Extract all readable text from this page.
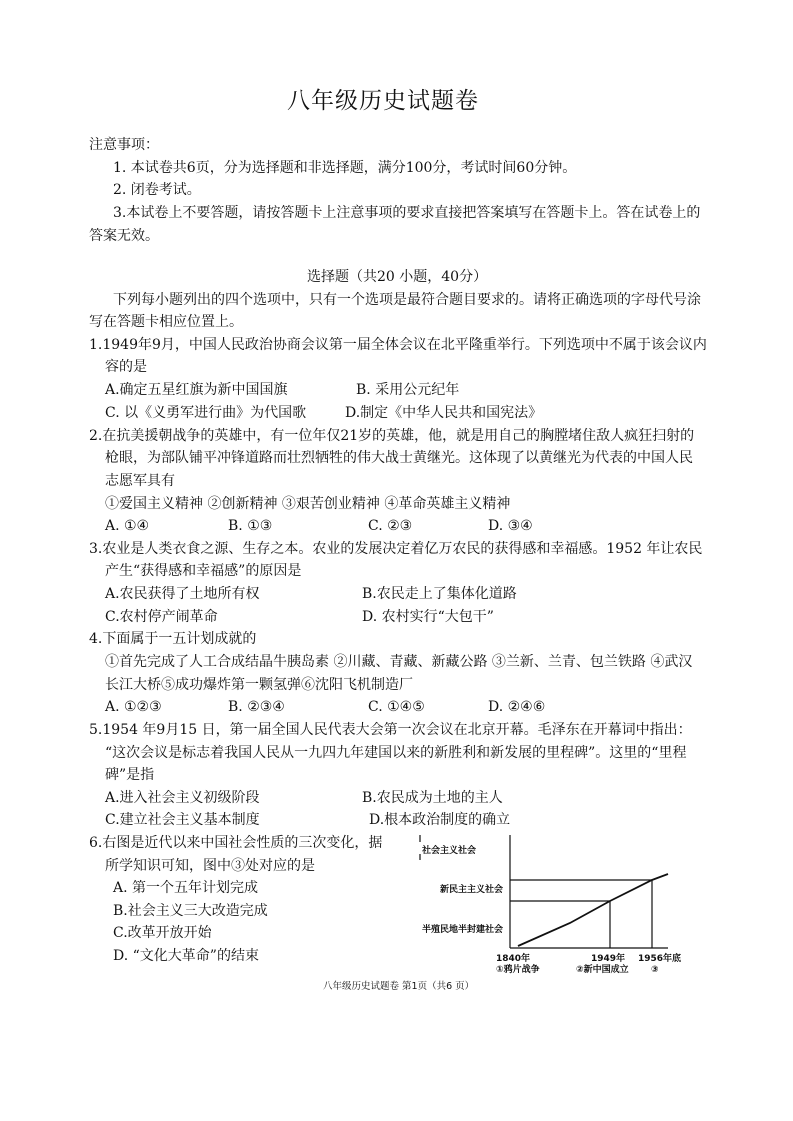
八年级历史试题卷
注意事项：
1. 本试卷共6页，分为选择题和非选择题，满分100分，考试时间60分钟。
2. 闭卷考试。
3.本试卷上不要答题，请按答题卡上注意事项的要求直接把答案填写在答题卡上。答在试卷上的
答案无效。
选择题（共20 小题，40分）
下列每小题列出的四个选项中，只有一个选项是最符合题目要求的。请将正确选项的字母代号涂
写在答题卡相应位置上。
1.1949年9月，中国人民政治协商会议第一届全体会议在北平隆重举行。下列选项中不属于该会议内
容的是
A.确定五星红旗为新中国国旗	B. 采用公元纪年
C. 以《义勇军进行曲》为代国歌	D.制定《中华人民共和国宪法》
2.在抗美援朝战争的英雄中，有一位年仅21岁的英雄，他，就是用自己的胸膛堵住敌人疯狂扫射的
枪眼，为部队铺平冲锋道路而壮烈牺牲的伟大战士黄继光。这体现了以黄继光为代表的中国人民
志愿军具有
①爱国主义精神 ②创新精神 ③艰苦创业精神 ④革命英雄主义精神
A. ①④	B. ①③	C. ②③	D. ③④
3.农业是人类衣食之源、生存之本。农业的发展决定着亿万农民的获得感和幸福感。1952 年让农民
产生“获得感和幸福感”的原因是
A.农民获得了土地所有权	B.农民走上了集体化道路
C.农村停产闹革命	D. 农村实行“大包干”
4.下面属于一五计划成就的
①首先完成了人工合成结晶牛胰岛素 ②川藏、青藏、新藏公路 ③兰新、兰青、包兰铁路 ④武汉
长江大桥⑤成功爆炸第一颗氢弹⑥沈阳飞机制造厂
A. ①②③	B. ②③④	C. ①④⑤	D. ②④⑥
5.1954 年9月15 日，第一届全国人民代表大会第一次会议在北京开幕。毛泽东在开幕词中指出：
“这次会议是标志着我国人民从一九四九年建国以来的新胜利和新发展的里程碑”。这里的“里程
碑”是指
A.进入社会主义初级阶段	B.农民成为土地的主人
C.建立社会主义基本制度	D.根本政治制度的确立
6.右图是近代以来中国社会性质的三次变化，据
所学知识可知，图中③处对应的是
A. 第一个五年计划完成
B.社会主义三大改造完成
C.改革开放开始
D. “文化大革命”的结束
社会主义社会
新民主主义社会
半殖民地半封建社会
1840年	1949年 1956年底
①鸦片战争	②新中国成立 ③
八年级历史试题卷 第1页（共6 页）
